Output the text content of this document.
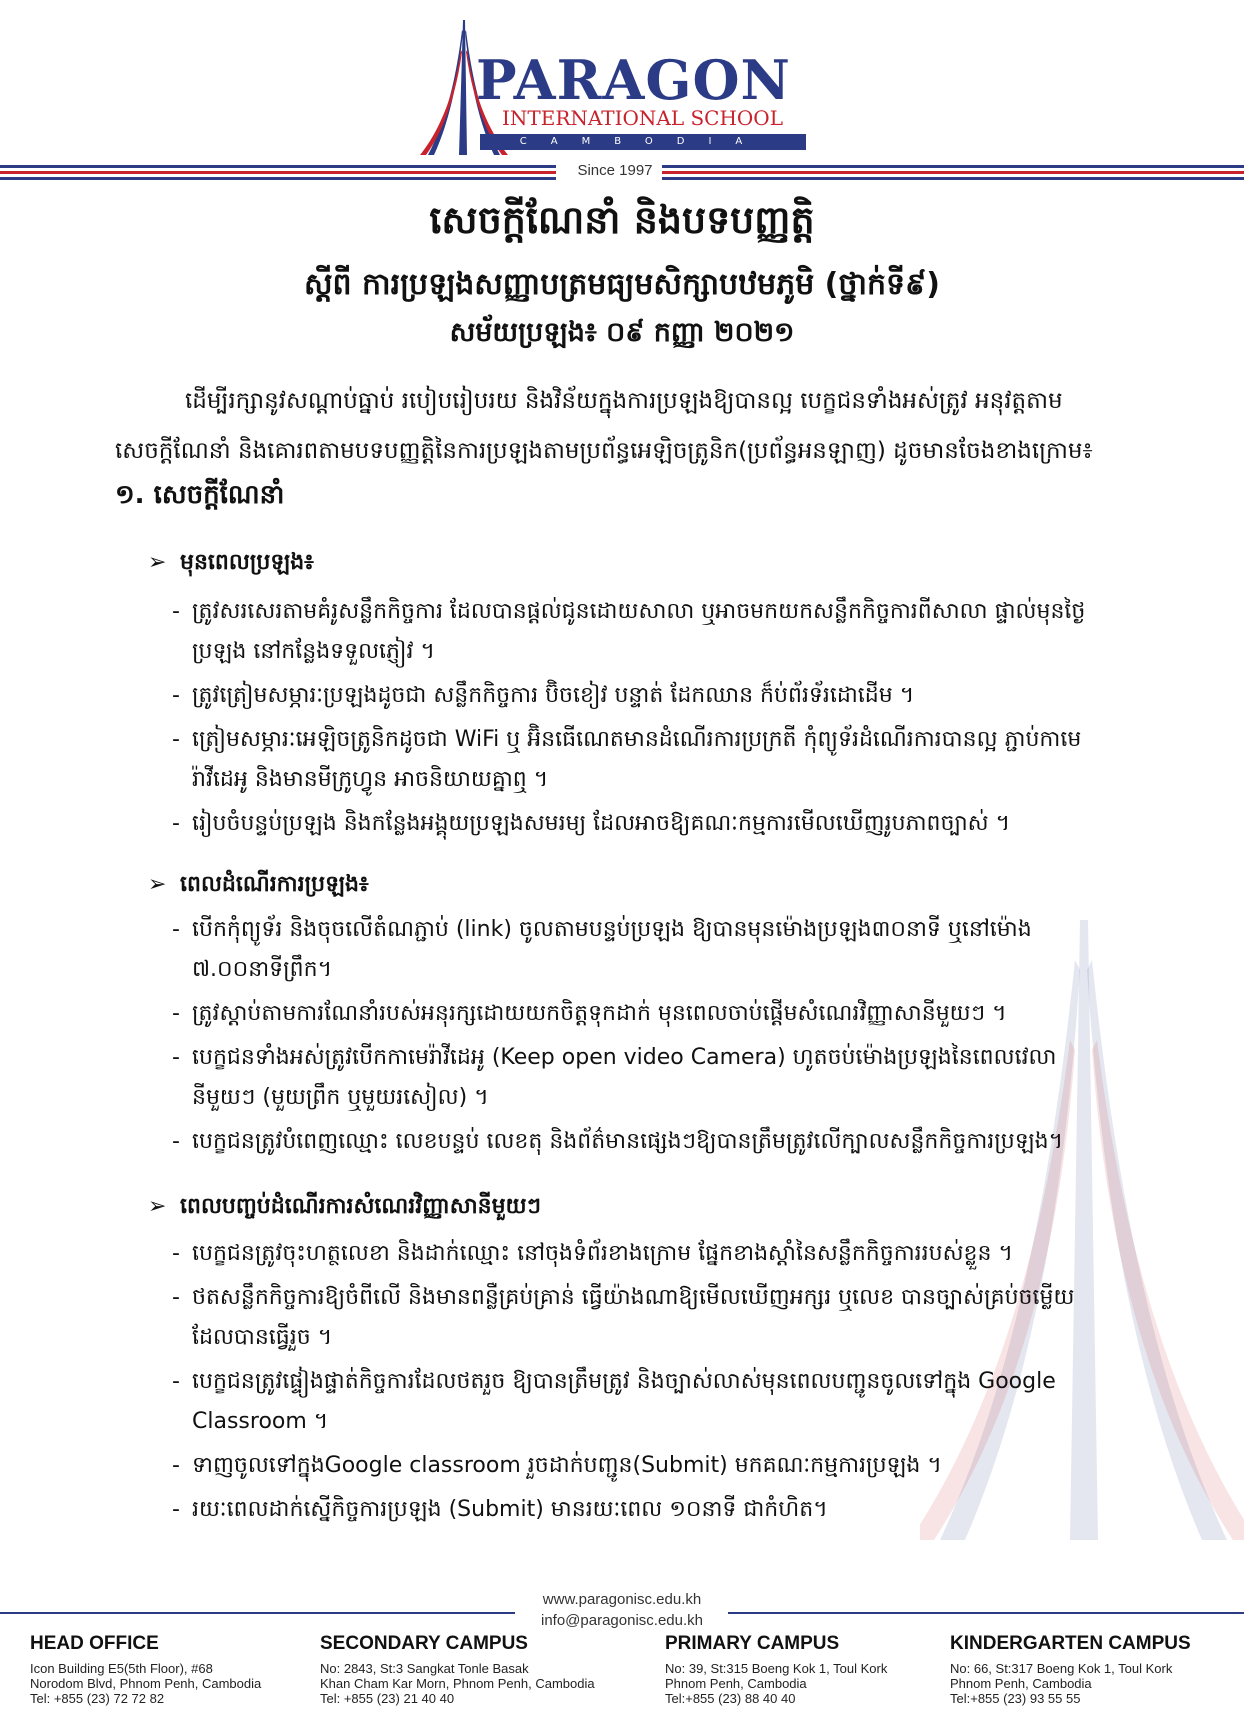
PARAGON
INTERNATIONAL SCHOOL
CAMBODIA
Since 1997
សេចក្តីណែនាំ និងបទបញ្ញត្តិ
ស្តីពី ការប្រឡងសញ្ញាបត្រមធ្យមសិក្សាបឋមភូមិ (ថ្នាក់ទី៩)
សម័យប្រឡង៖ ០៩ កញ្ញា ២០២១
ដើម្បីរក្សានូវសណ្តាប់ធ្នាប់ របៀបរៀបរយ និងវិន័យក្នុងការប្រឡងឱ្យបានល្អ បេក្ខជនទាំងអស់ត្រូវ អនុវត្តតាមសេចក្តីណែនាំ និងគោរពតាមបទបញ្ញត្តិនៃការប្រឡងតាមប្រព័ន្ធអេឡិចត្រូនិក(ប្រព័ន្ធអនឡាញ) ដូចមានចែងខាងក្រោម៖
១. សេចក្តីណែនាំ
➢ មុនពេលប្រឡង៖
- ត្រូវសរសេរតាមគំរូសន្លឹកកិច្ចការ ដែលបានផ្តល់ជូនដោយសាលា ឬអាចមកយកសន្លឹកកិច្ចការពីសាលា ផ្ទាល់មុនថ្ងៃប្រឡង នៅកន្លែងទទួលភ្ញៀវ ។
- ត្រូវត្រៀមសម្ភារៈប្រឡងដូចជា សន្លឹកកិច្ចការ ប៊ិចខៀវ បន្ទាត់ ដែកឈាន ក៏ប់ព័រទ័រដោដើម ។
- ត្រៀមសម្ភារៈអេឡិចត្រូនិកដូចជា WiFi ឬ អ៊ិនធើណេតមានដំណើរការប្រក្រតី កុំព្យូទ័រដំណើរការបានល្អ ភ្ជាប់កាមេរ៉ាវីដេអូ និងមានមីក្រូហ្វូន អាចនិយាយគ្នាឮ ។
- រៀបចំបន្ទប់ប្រឡង និងកន្លែងអង្គុយប្រឡងសមរម្យ ដែលអាចឱ្យគណៈកម្មការមើលឃើញរូបភាពច្បាស់ ។
➢ ពេលដំណើរការប្រឡង៖
- បើកកុំព្យូទ័រ និងចុចលើតំណភ្ជាប់ (link) ចូលតាមបន្ទប់ប្រឡង ឱ្យបានមុនម៉ោងប្រឡង៣០នាទី ឬនៅម៉ោង ៧.០០នាទីព្រឹក។
- ត្រូវស្តាប់តាមការណែនាំរបស់អនុរក្សដោយយកចិត្តទុកដាក់ មុនពេលចាប់ផ្តើមសំណេរវិញ្ញាសានីមួយៗ ។
- បេក្ខជនទាំងអស់ត្រូវបើកកាមេរ៉ាវីដេអូ (Keep open video Camera) ហូតចប់ម៉ោងប្រឡងនៃពេលវេលានីមួយៗ (មួយព្រឹក ឬមួយរសៀល) ។
- បេក្ខជនត្រូវបំពេញឈ្មោះ លេខបន្ទប់ លេខតុ និងព័ត៌មានផ្សេងៗឱ្យបានត្រឹមត្រូវលើក្បាលសន្លឹកកិច្ចការប្រឡង។
➢ ពេលបញ្ចប់ដំណើរការសំណេរវិញ្ញាសានីមួយៗ
- បេក្ខជនត្រូវចុះហត្ថលេខា និងដាក់ឈ្មោះ នៅចុងទំព័រខាងក្រោម ផ្នែកខាងស្តាំនៃសន្លឹកកិច្ចការរបស់ខ្លួន ។
- ថតសន្លឹកកិច្ចការឱ្យចំពីលើ និងមានពន្លឺគ្រប់គ្រាន់ ធ្វើយ៉ាងណាឱ្យមើលឃើញអក្សរ ឬលេខ បានច្បាស់គ្រប់ចម្លើយ ដែលបានធ្វើរួច ។
- បេក្ខជនត្រូវផ្ទៀងផ្ទាត់កិច្ចការដែលថតរួច ឱ្យបានត្រឹមត្រូវ និងច្បាស់លាស់មុនពេលបញ្ជូនចូលទៅក្នុង Google Classroom ។
- ទាញចូលទៅក្នុងGoogle classroom រួចដាក់បញ្ជូន(Submit) មកគណៈកម្មការប្រឡង ។
- រយៈពេលដាក់ស្នើកិច្ចការប្រឡង (Submit) មានរយៈពេល ១០នាទី ជាកំហិត។
www.paragonisc.edu.kh
info@paragonisc.edu.kh
HEAD OFFICE
Icon Building E5(5th Floor), #68
Norodom Blvd, Phnom Penh, Cambodia
Tel: +855 (23) 72 72 82
SECONDARY CAMPUS
No: 2843, St:3 Sangkat Tonle Basak
Khan Cham Kar Morn, Phnom Penh, Cambodia
Tel: +855 (23) 21 40 40
PRIMARY CAMPUS
No: 39, St:315 Boeng Kok 1, Toul Kork
Phnom Penh, Cambodia
Tel:+855 (23) 88 40 40
KINDERGARTEN CAMPUS
No: 66, St:317 Boeng Kok 1, Toul Kork
Phnom Penh, Cambodia
Tel:+855 (23) 93 55 55
